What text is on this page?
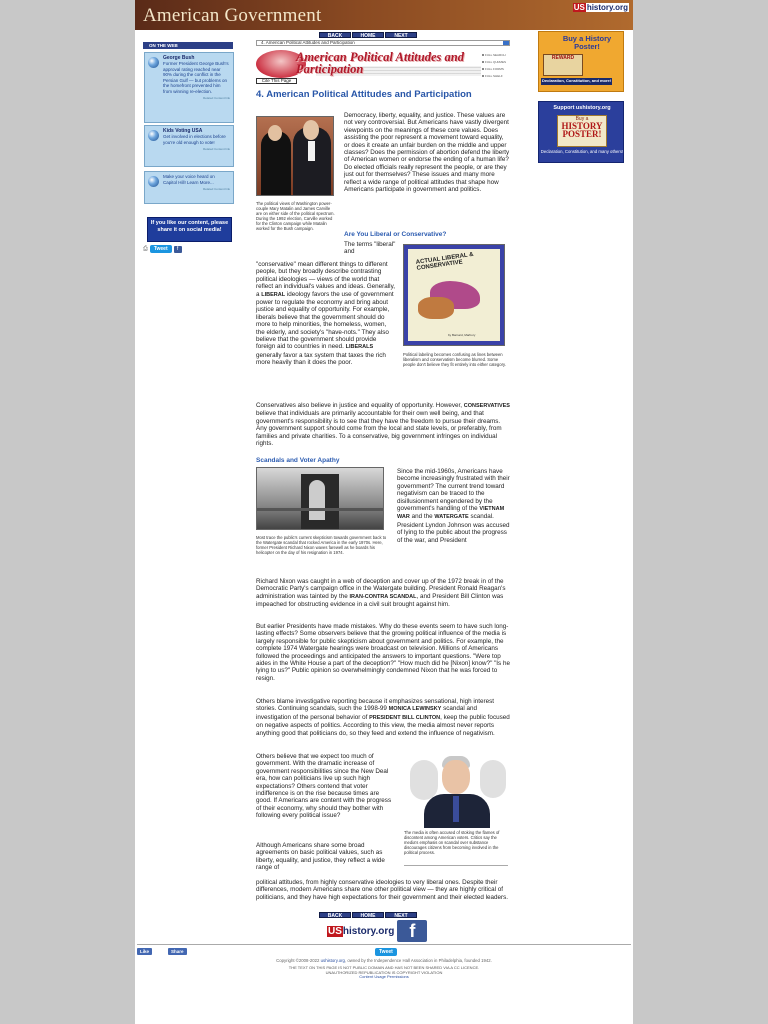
American Government	US history.org
BACK	HOME	NEXT
ON THE WEB
George Bush
Former President George Bush's approval rating reached near 90% during the conflict in the Persian Gulf — but problems on the homefront prevented him from winning re-election.
Related Content link
Kids Voting USA
Get involved in elections before you're old enough to vote!
Related Content link
Make your voice heard on Capitol Hill! Learn More...
Related Content link
If you like our content, please share it on social media!
⎙	Tweet	f
4. American Political Attitudes and Participation
American Political Attitudes and Participation
FULL SEARCH
FULL QUIZZES
FULL FORMS
FULL SHELF
Cite This Page
4. American Political Attitudes and Participation
The political views of Washington power-couple Mary Matalin and James Carville are on either side of the political spectrum. During the 1992 election, Carville worked for the Clinton campaign while Matalin worked for the Bush campaign.
Democracy, liberty, equality, and justice. These values are not very controversial. But Americans have vastly divergent viewpoints on the meanings of these core values. Does assisting the poor represent a movement toward equality, or does it create an unfair burden on the middle and upper classes? Does the permission of abortion defend the liberty of American women or endorse the ending of a human life? Do elected officials really represent the people, or are they just out for themselves? These issues and many more reflect a wide range of political attitudes that shape how Americans participate in government and politics.
Are You Liberal or Conservative?
The terms "liberal" and	ACTUAL LIBERAL & CONSERVATIVE
by Barnard, Marbury
Political labeling becomes confusing as lines between liberalism and conservatism become blurred. Some people don't believe they fit entirely into either category.
"conservative" mean different things to different people, but they broadly describe contrasting political ideologies — views of the world that reflect an individual's values and ideas. Generally, a LIBERAL ideology favors the use of government power to regulate the economy and bring about justice and equality of opportunity. For example, liberals believe that the government should do more to help minorities, the homeless, women, the elderly, and society's "have-nots." They also believe that the government should provide foreign aid to countries in need. LIBERALS generally favor a tax system that taxes the rich more heavily than it does the poor.
Conservatives also believe in justice and equality of opportunity. However, CONSERVATIVES believe that individuals are primarily accountable for their own well being, and that government's responsibility is to see that they have the freedom to pursue their dreams. Any government support should come from the local and state levels, or preferably, from families and private charities. To a conservative, big government infringes on individual rights.
Scandals and Voter Apathy
Most trace the public's current skepticism towards government back to the Watergate scandal that rocked America in the early 1970s. Here, former President Richard Nixon waves farewell as he boards his helicopter on the day of his resignation in 1974.
Since the mid-1960s, Americans have become increasingly frustrated with their government? The current trend toward negativism can be traced to the disillusionment engendered by the government's handling of the VIETNAM WAR and the WATERGATE scandal. President Lyndon Johnson was accused of lying to the public about the progress of the war, and President
Richard Nixon was caught in a web of deception and cover up of the 1972 break in of the Democratic Party's campaign office in the Watergate building. President Ronald Reagan's administration was tainted by the IRAN-CONTRA SCANDAL, and President Bill Clinton was impeached for obstructing evidence in a civil suit brought against him.
But earlier Presidents have made mistakes. Why do these events seem to have such long-lasting effects? Some observers believe that the growing political influence of the media is largely responsible for public skepticism about government and politics. For example, the complete 1974 Watergate hearings were broadcast on television. Millions of Americans followed the proceedings and anticipated the answers to important questions. "Were top aides in the White House a part of the deception?" "How much did he [Nixon] know?" "Is he lying to us?" Public opinion so overwhelmingly condemned Nixon that he was forced to resign.
Others blame investigative reporting because it emphasizes sensational, high interest stories. Continuing scandals, such the 1998-99 MONICA LEWINSKY scandal and investigation of the personal behavior of PRESIDENT BILL CLINTON, keep the public focused on negative aspects of politics. According to this view, the media almost never reports anything good that politicians do, so they feed and extend the influence of negativism.
Others believe that we expect too much of government. With the dramatic increase of government responsibilities since the New Deal era, how can politicians live up such high expectations? Others contend that voter indifference is on the rise because times are good. If Americans are content with the progress of their economy, why should they bother with following every political issue?
The media is often accused of stoking the flames of discontent among American voters. Critics say the media's emphasis on scandal over substance discourages citizens from becoming involved in the political process.
Although Americans share some broad agreements on basic political values, such as liberty, equality, and justice, they reflect a wide range of
political attitudes, from highly conservative ideologies to very liberal ones. Despite their differences, modern Americans share one other political view — they are highly critical of politicians, and they have high expectations for their government and their elected leaders.
BACK	HOME	NEXT
UShistory.org f
Buy a History Poster!
REWARD
Declaration, Constitution, and more!
Support ushistory.org
Buy a
HISTORY POSTER!
Declaration, Constitution, and many others!
Like	Share	Tweet
Copyright ©2008-2022 ushistory.org, owned by the Independence Hall Association in Philadelphia, founded 1942.
THE TEXT ON THIS PAGE IS NOT PUBLIC DOMAIN AND HAS NOT BEEN SHARED VIA A CC LICENCE.
UNAUTHORIZED REPUBLICATION IS COPYRIGHT VIOLATION
Content Usage Permissions
